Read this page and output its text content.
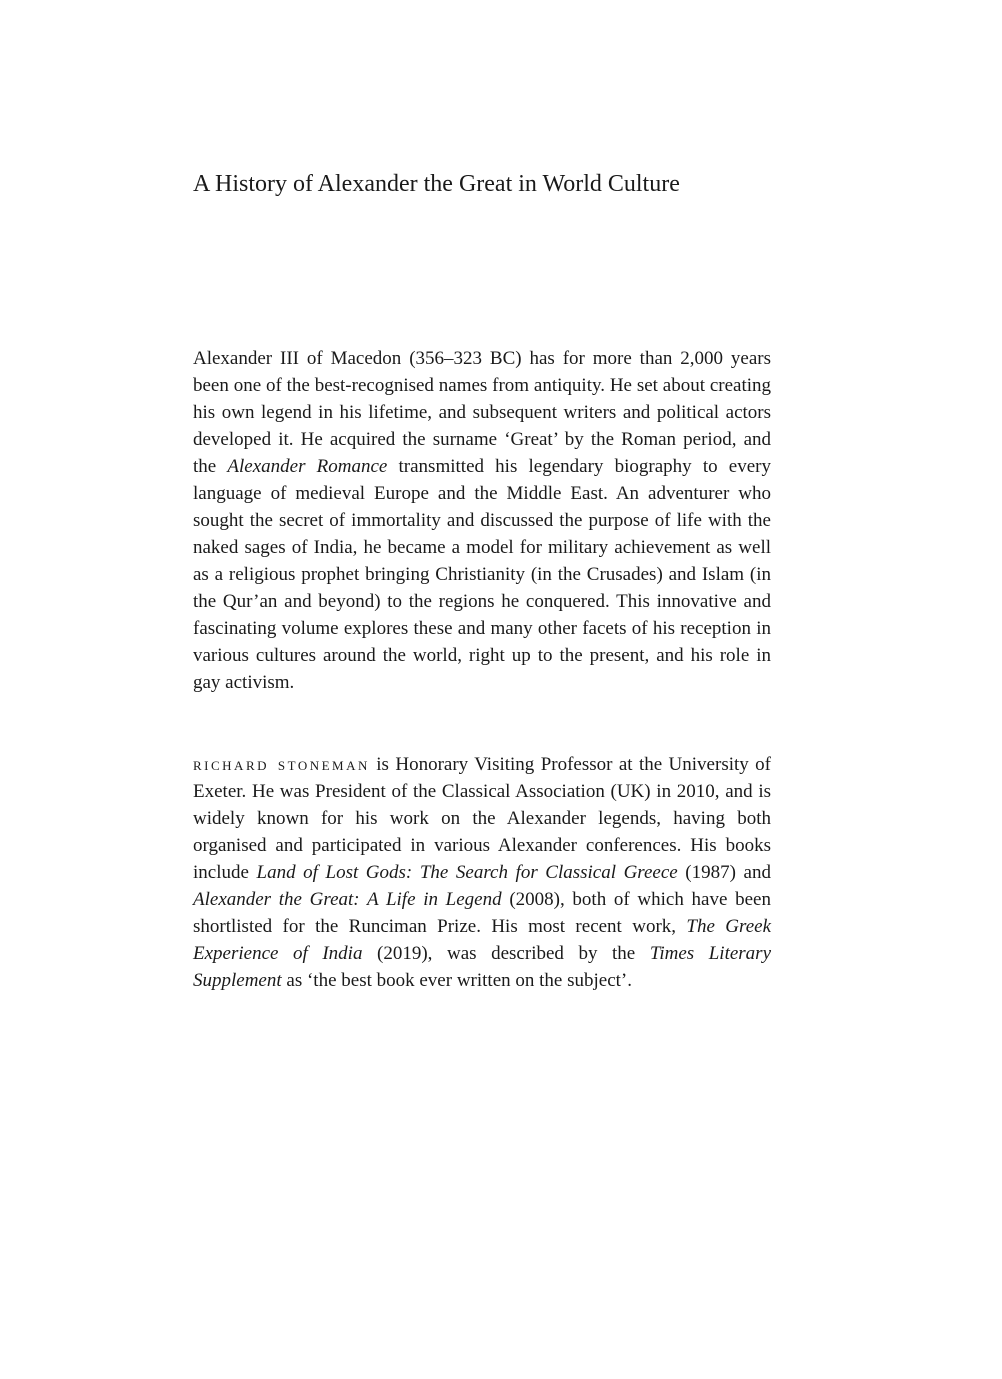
A History of Alexander the Great in World Culture

Alexander III of Macedon (356–323 BC) has for more than 2,000 years been one of the best-recognised names from antiquity. He set about creating his own legend in his lifetime, and subsequent writers and political actors developed it. He acquired the surname ‘Great’ by the Roman period, and the Alexander Romance transmitted his legendary biography to every language of medieval Europe and the Middle East. An adventurer who sought the secret of immortality and discussed the purpose of life with the naked sages of India, he became a model for military achievement as well as a religious prophet bringing Christianity (in the Crusades) and Islam (in the Qur’an and beyond) to the regions he conquered. This innovative and fascinating volume explores these and many other facets of his reception in various cultures around the world, right up to the present, and his role in gay activism.

richard stoneman is Honorary Visiting Professor at the University of Exeter. He was President of the Classical Association (UK) in 2010, and is widely known for his work on the Alexander legends, having both organised and participated in various Alexander conferences. His books include Land of Lost Gods: The Search for Classical Greece (1987) and Alexander the Great: A Life in Legend (2008), both of which have been shortlisted for the Runciman Prize. His most recent work, The Greek Experience of India (2019), was described by the Times Literary Supplement as ‘the best book ever written on the subject’.
